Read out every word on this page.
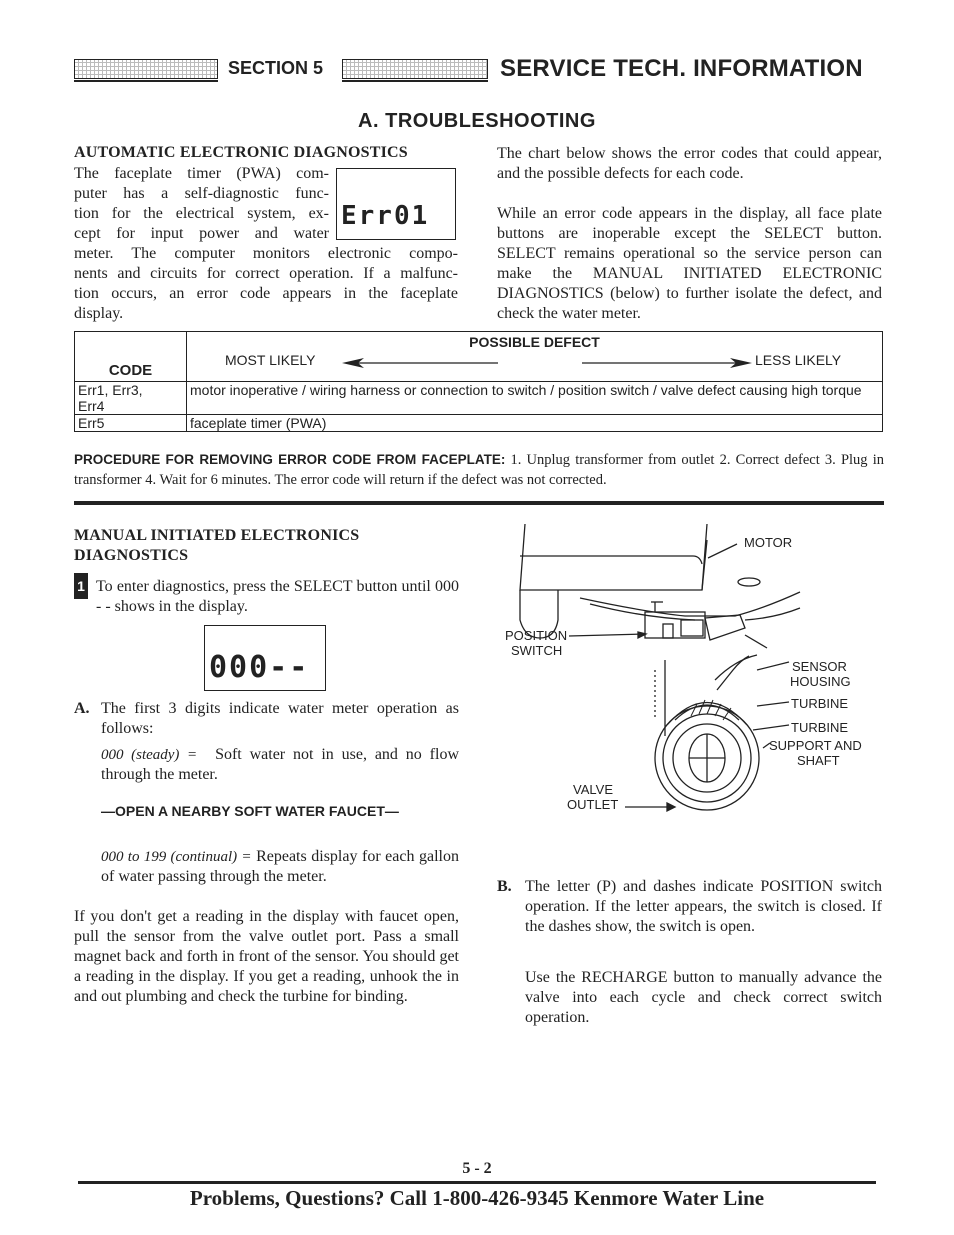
SECTION 5	SERVICE TECH. INFORMATION
A. TROUBLESHOOTING
AUTOMATIC ELECTRONIC DIAGNOSTICS

The faceplate timer (PWA) com-

puter has a self-diagnostic func-

tion for the electrical system, ex-

cept for input power and water

meter. The computer monitors electronic compo-

nents and circuits for correct operation. If a malfunc-

tion occurs, an error code appears in the faceplate

display.

Err01

The chart below shows the error codes that could appear, and the possible defects for each code.

While an error code appears in the display, all face plate buttons are inoperable except the SELECT button. SELECT remains operational so the service person can make the MANUAL INITIATED ELECTRONIC DIAGNOSTICS (below) to further isolate the defect, and check the water meter.

CODE	POSSIBLE DEFECT
MOST LIKELY LESS LIKELY

Err1, Err3,
Err4	motor inoperative / wiring harness or connection to switch / position switch / valve defect causing high torque
Err5	faceplate timer (PWA)
PROCEDURE FOR REMOVING ERROR CODE FROM FACEPLATE: 1. Unplug transformer from outlet 2. Correct defect 3. Plug in transformer 4. Wait for 6 minutes. The error code will return if the defect was not corrected.
MANUAL INITIATED ELECTRONICS
DIAGNOSTICS
1 To enter diagnostics, press the SELECT button until 000 - - shows in the display.
000--
A. The first 3 digits indicate water meter operation as follows:
000 (steady) = Soft water not in use, and no flow through the meter.
—OPEN A NEARBY SOFT WATER FAUCET—
000 to 199 (continual) = Repeats display for each gallon of water passing through the meter.
If you don't get a reading in the display with faucet open, pull the sensor from the valve outlet port. Pass a small magnet back and forth in front of the sensor. You should get a reading in the display. If you get a reading, unhook the in and out plumbing and check the turbine for binding.
MOTOR
POSITION
SWITCH
SENSOR
HOUSING
TURBINE
TURBINE
SUPPORT AND
SHAFT
VALVE
OUTLET
B. The letter (P) and dashes indicate POSITION switch operation. If the letter appears, the switch is closed. If the dashes show, the switch is open.
Use the RECHARGE button to manually advance the valve into each cycle and check correct switch operation.
5 - 2
Problems, Questions? Call 1-800-426-9345 Kenmore Water Line
